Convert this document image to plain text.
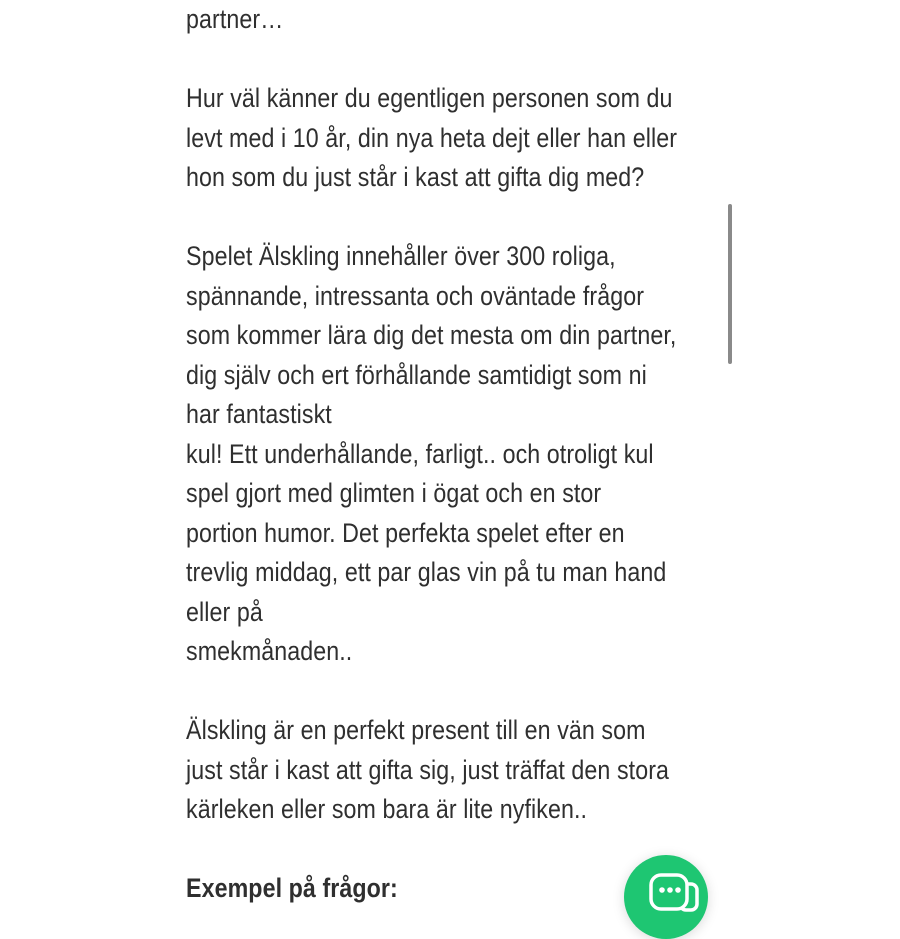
partner…
Hur väl känner du egentligen personen som du
levt med i 10 år, din nya heta dejt eller han eller
hon som du just står i kast att gifta dig med?
Spelet Älskling innehåller över 300 roliga,
spännande, intressanta och oväntade frågor
som kommer lära dig det mesta om din partner,
dig själv och ert förhållande samtidigt som ni
har fantastiskt
kul! Ett underhållande, farligt.. och otroligt kul
spel gjort med glimten i ögat och en stor
portion humor. Det perfekta spelet efter en
trevlig middag, ett par glas vin på tu man hand
eller på
smekmånaden..
Älskling är en perfekt present till en vän som
just står i kast att gifta sig, just träffat den stora
kärleken eller som bara är lite nyfiken..
Exempel på frågor:
